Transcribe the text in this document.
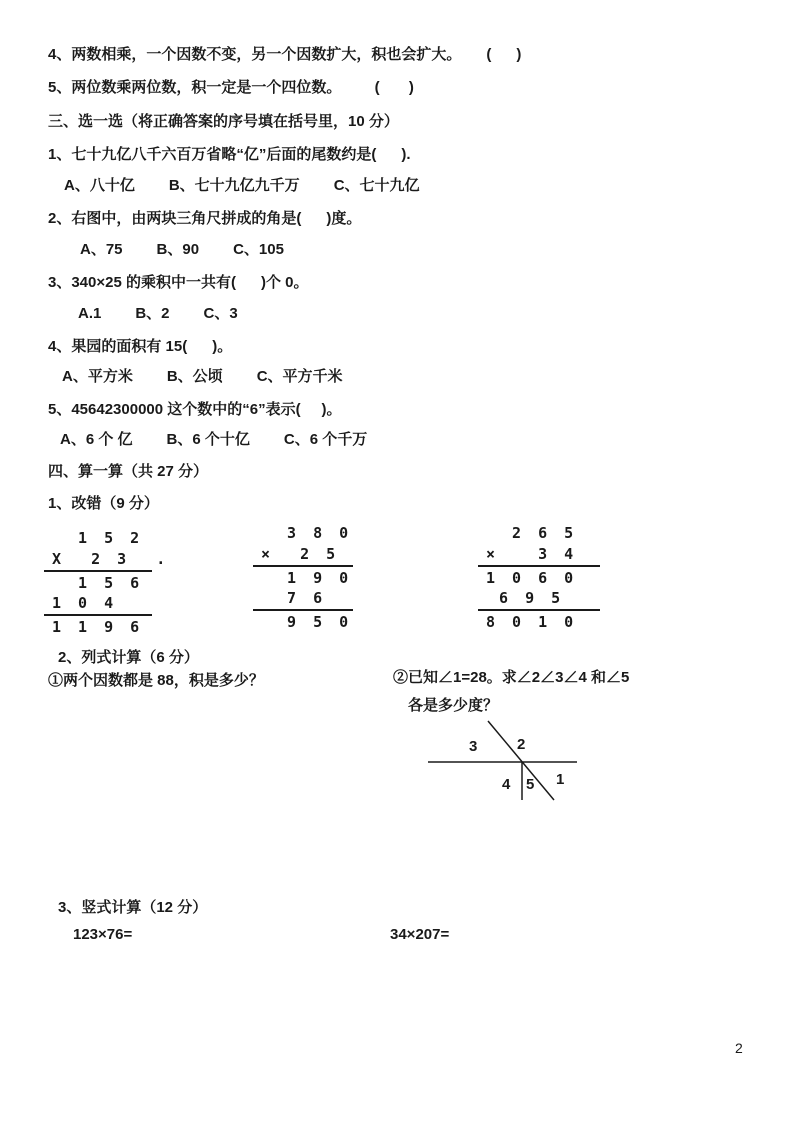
4、两数相乘，一个因数不变，另一个因数扩大，积也会扩大。      (      )
5、两位数乘两位数，积一定是一个四位数。        (       )
三、选一选（将正确答案的序号填在括号里，10 分）
1、七十九亿八千六百万省略“亿”后面的尾数约是(      ).
A、八十亿 B、七十九亿九千万 C、七十九亿
2、右图中，由两块三角尺拼成的角是(      )度。
A、75 B、90 C、105
3、340×25 的乘积中一共有(      )个 0。
A.1 B、2 C、3
4、果园的面积有 15(      )。
A、平方米 B、公顷 C、平方千米
5、45642300000 这个数中的“6”表示(     )。
A、6 个 亿 B、6 个十亿 C、6 个千万
四、算一算（共 27 分）
1、改错（9 分）
1 5 2
X  2 3  .
1 5 6
1 0 4
1 1 9 6
3 8 0
×  2 5
1 9 0
7 6
9 5 0
2 6 5
×   3 4
1 0 6 0
6 9 5
8 0 1 0
2、列式计算（6 分）
①两个因数都是 88，积是多少？	②已知∠1=28。求∠2∠3∠4 和∠5
各是多少度？
3	2
4 5 1
3、竖式计算（12 分）
123×76=	34×207=
2
